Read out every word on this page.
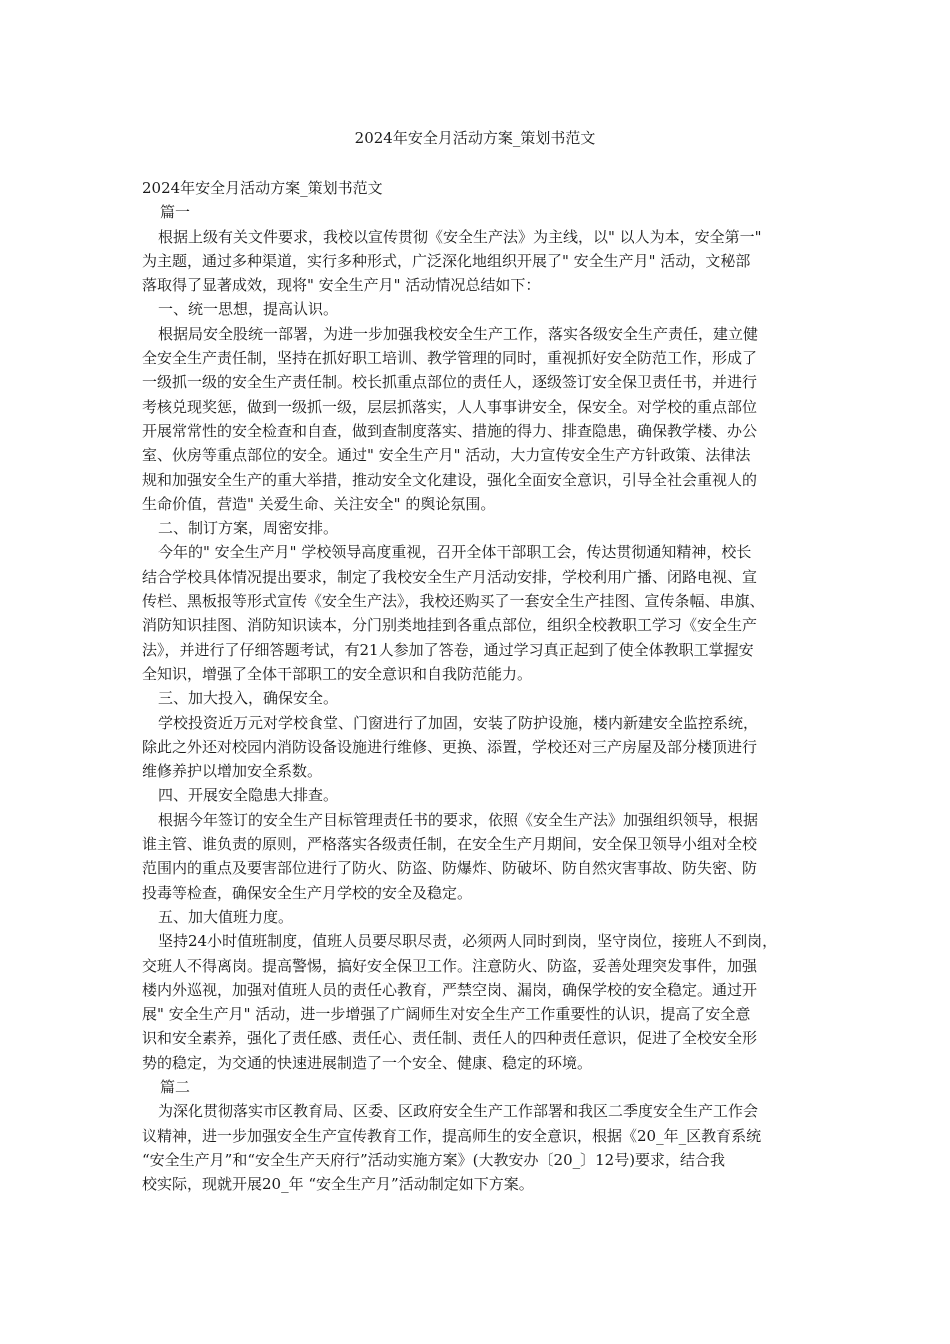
2024年安全月活动方案_策划书范文
2024年安全月活动方案_策划书范文
篇一
根据上级有关文件要求，我校以宣传贯彻《安全生产法》为主线，以" 以人为本，安全第一"
为主题，通过多种渠道，实行多种形式，广泛深化地组织开展了" 安全生产月" 活动，文秘部
落取得了显著成效，现将" 安全生产月" 活动情况总结如下：
一、统一思想，提高认识。
根据局安全股统一部署，为进一步加强我校安全生产工作，落实各级安全生产责任，建立健
全安全生产责任制，坚持在抓好职工培训、教学管理的同时，重视抓好安全防范工作，形成了
一级抓一级的安全生产责任制。校长抓重点部位的责任人，逐级签订安全保卫责任书，并进行
考核兑现奖惩，做到一级抓一级，层层抓落实，人人事事讲安全，保安全。对学校的重点部位
开展常常性的安全检查和自查，做到查制度落实、措施的得力、排查隐患，确保教学楼、办公
室、伙房等重点部位的安全。通过" 安全生产月" 活动，大力宣传安全生产方针政策、法律法
规和加强安全生产的重大举措，推动安全文化建设，强化全面安全意识，引导全社会重视人的
生命价值，营造" 关爱生命、关注安全" 的舆论氛围。
二、制订方案，周密安排。
今年的" 安全生产月" 学校领导高度重视，召开全体干部职工会，传达贯彻通知精神，校长
结合学校具体情况提出要求，制定了我校安全生产月活动安排，学校利用广播、闭路电视、宣
传栏、黑板报等形式宣传《安全生产法》，我校还购买了一套安全生产挂图、宣传条幅、串旗、
消防知识挂图、消防知识读本，分门别类地挂到各重点部位，组织全校教职工学习《安全生产
法》，并进行了仔细答题考试，有21人参加了答卷，通过学习真正起到了使全体教职工掌握安
全知识，增强了全体干部职工的安全意识和自我防范能力。
三、加大投入，确保安全。
学校投资近万元对学校食堂、门窗进行了加固，安装了防护设施，楼内新建安全监控系统，
除此之外还对校园内消防设备设施进行维修、更换、添置，学校还对三产房屋及部分楼顶进行
维修养护以增加安全系数。
四、开展安全隐患大排查。
根据今年签订的安全生产目标管理责任书的要求，依照《安全生产法》加强组织领导，根据
谁主管、谁负责的原则，严格落实各级责任制，在安全生产月期间，安全保卫领导小组对全校
范围内的重点及要害部位进行了防火、防盗、防爆炸、防破坏、防自然灾害事故、防失密、防
投毒等检查，确保安全生产月学校的安全及稳定。
五、加大值班力度。
坚持24小时值班制度，值班人员要尽职尽责，必须两人同时到岗，坚守岗位，接班人不到岗，
交班人不得离岗。提高警惕，搞好安全保卫工作。注意防火、防盗，妥善处理突发事件，加强
楼内外巡视，加强对值班人员的责任心教育，严禁空岗、漏岗，确保学校的安全稳定。通过开
展" 安全生产月" 活动，进一步增强了广阔师生对安全生产工作重要性的认识，提高了安全意
识和安全素养，强化了责任感、责任心、责任制、责任人的四种责任意识，促进了全校安全形
势的稳定，为交通的快速进展制造了一个安全、健康、稳定的环境。
篇二
为深化贯彻落实市区教育局、区委、区政府安全生产工作部署和我区二季度安全生产工作会
议精神，进一步加强安全生产宣传教育工作，提高师生的安全意识，根据《20_年_区教育系统
“安全生产月”和“安全生产天府行”活动实施方案》(大教安办〔20_〕12号)要求，结合我
校实际，现就开展20_年 “安全生产月”活动制定如下方案。
